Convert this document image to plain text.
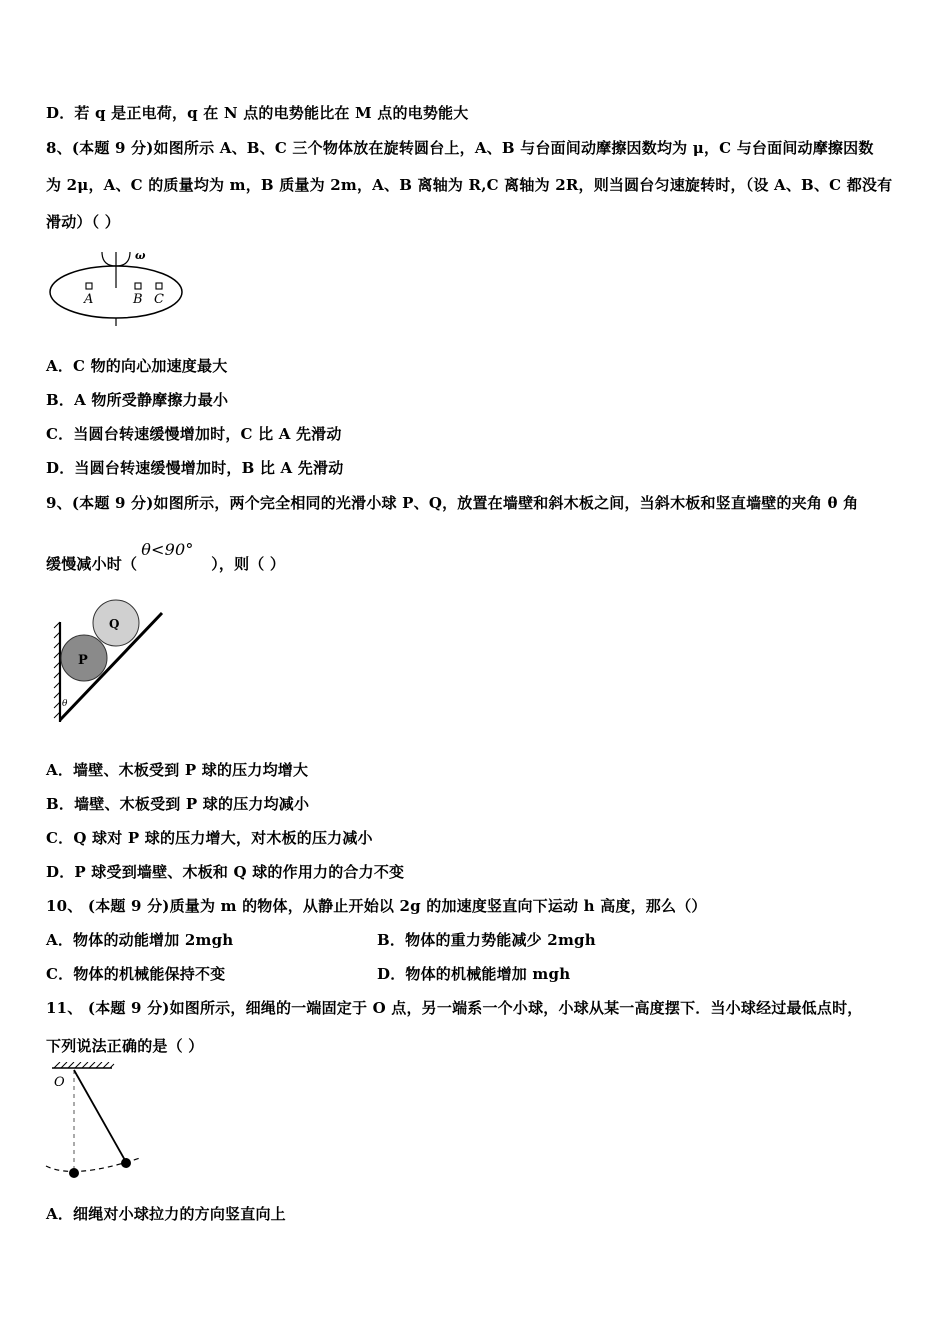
D．若 q 是正电荷，q 在 N 点的电势能比在 M 点的电势能大
8、(本题 9 分)如图所示 A、B、C 三个物体放在旋转圆台上，A、B 与台面间动摩擦因数均为 μ，C 与台面间动摩擦因数
为 2μ，A、C 的质量均为 m，B 质量为 2m，A、B 离轴为 R,C 离轴为 2R，则当圆台匀速旋转时，（设 A、B、C 都没有
滑动）（ ）
ω
A	B C
A．C 物的向心加速度最大
B．A 物所受静摩擦力最小
C．当圆台转速缓慢增加时，C 比 A 先滑动
D．当圆台转速缓慢增加时，B 比 A 先滑动
9、(本题 9 分)如图所示，两个完全相同的光滑小球 P、Q，放置在墙壁和斜木板之间，当斜木板和竖直墙壁的夹角 θ 角
缓慢减小时（θ<90°），则（ ）
Q
P
θ
A．墙壁、木板受到 P 球的压力均增大
B．墙壁、木板受到 P 球的压力均减小
C．Q 球对 P 球的压力增大，对木板的压力减小
D．P 球受到墙壁、木板和 Q 球的作用力的合力不变
10、 (本题 9 分)质量为 m 的物体，从静止开始以 2g 的加速度竖直向下运动 h 高度，那么（）
A．物体的动能增加 2mgh	B．物体的重力势能减少 2mgh
C．物体的机械能保持不变	D．物体的机械能增加 mgh
11、 (本题 9 分)如图所示，细绳的一端固定于 O 点，另一端系一个小球，小球从某一高度摆下．当小球经过最低点时，
下列说法正确的是（ ）
O
A．细绳对小球拉力的方向竖直向上
